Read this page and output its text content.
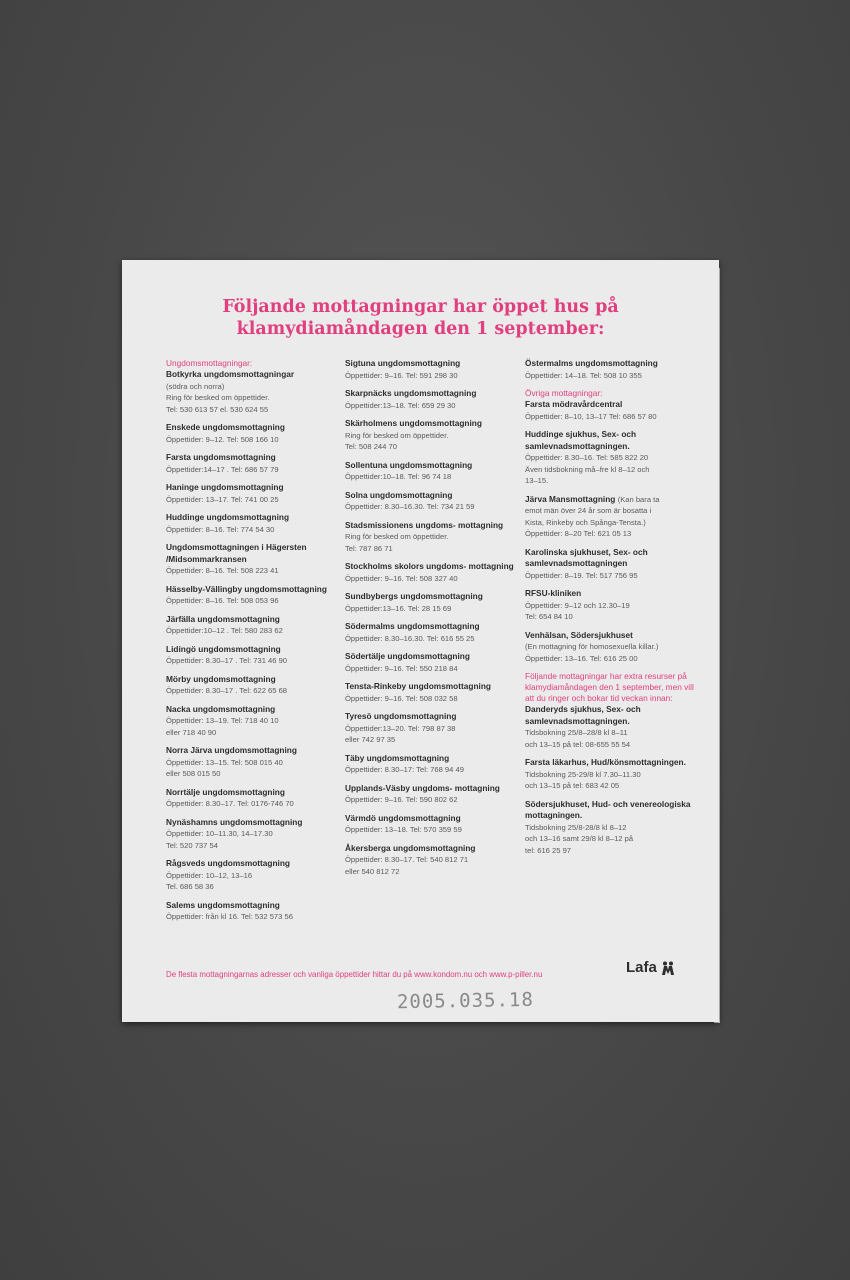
Följande mottagningar har öppet hus på
klamydiamåndagen den 1 september:
Ungdomsmottagningar:
Botkyrka ungdomsmottagningar
(södra och norra)
Ring för besked om öppettider.
Tel: 530 613 57 el. 530 624 55
Enskede ungdomsmottagning
Öppettider: 9–12. Tel: 508 166 10
Farsta ungdomsmottagning
Öppettider:14–17 . Tel: 686 57 79
Haninge ungdomsmottagning
Öppettider: 13–17. Tel: 741 00 25
Huddinge ungdomsmottagning
Öppettider: 8–16. Tel: 774 54 30
Ungdomsmottagningen i Hägersten /Midsommarkransen
Öppettider: 8–16. Tel: 508 223 41
Hässelby-Vällingby ungdomsmottagning
Öppettider: 8–16. Tel: 508 053 96
Järfälla ungdomsmottagning
Öppettider:10–12 . Tel: 580 283 62
Lidingö ungdomsmottagning
Öppettider: 8.30–17 . Tel: 731 46 90
Mörby ungdomsmottagning
Öppettider: 8.30–17 . Tel: 622 65 68
Nacka ungdomsmottagning
Öppettider: 13–19. Tel: 718 40 10
eller 718 40 90
Norra Järva ungdomsmottagning
Öppettider: 13–15. Tel: 508 015 40
eller 508 015 50
Norrtälje ungdomsmottagning
Öppettider: 8.30–17. Tel: 0176-746 70
Nynäshamns ungdomsmottagning
Öppettider: 10–11.30, 14–17.30
Tel: 520 737 54
Rågsveds ungdomsmottagning
Öppettider: 10–12, 13–16
Tel. 686 58 36
Salems ungdomsmottagning
Öppettider: från kl 16. Tel: 532 573 56
Sigtuna ungdomsmottagning
Öppettider: 9–16. Tel: 591 298 30
Skarpnäcks ungdomsmottagning
Öppettider:13–18. Tel: 659 29 30
Skärholmens ungdomsmottagning
Ring för besked om öppettider.
Tel: 508 244 70
Sollentuna ungdomsmottagning
Öppettider:10–18. Tel: 96 74 18
Solna ungdomsmottagning
Öppettider: 8.30–16.30. Tel: 734 21 59
Stadsmissionens ungdoms- mottagning
Ring för besked om öppettider.
Tel: 787 86 71
Stockholms skolors ungdoms- mottagning
Öppettider: 9–16. Tel: 508 327 40
Sundbybergs ungdomsmottagning
Öppettider:13–16. Tel: 28 15 69
Södermalms ungdomsmottagning
Öppettider: 8.30–16.30. Tel: 616 55 25
Södertälje ungdomsmottagning
Öppettider: 9–16. Tel: 550 218 84
Tensta-Rinkeby ungdomsmottagning
Öppettider: 9–16. Tel: 508 032 58
Tyresö ungdomsmottagning
Öppettider:13–20. Tel: 798 87 38
eller 742 97 35
Täby ungdomsmottagning
Öppettider: 8.30–17: Tel: 768 94 49
Upplands-Väsby ungdoms- mottagning
Öppettider: 9–16. Tel: 590 802 62
Värmdö ungdomsmottagning
Öppettider: 13–18. Tel: 570 359 59
Åkersberga ungdomsmottagning
Öppettider: 8.30–17. Tel: 540 812 71
eller 540 812 72
Östermalms ungdomsmottagning
Öppettider: 14–18. Tel: 508 10 355
Övriga mottagningar:
Farsta mödravårdcentral
Öppettider: 8–10, 13–17 Tel: 686 57 80
Huddinge sjukhus, Sex- och samlevnadsmottagningen.
Öppettider: 8.30–16. Tel: 585 822 20
Även tidsbokning må–fre kl 8–12 och
13–15.
Järva Mansmottagning (Kan bara ta
emot män över 24 år som är bosatta i
Kista, Rinkeby och Spånga-Tensta.)
Öppettider: 8–20 Tel: 621 05 13
Karolinska sjukhuset, Sex- och samlevnadsmottagningen
Öppettider: 8–19. Tel: 517 756 95
RFSU-kliniken
Öppettider: 9–12 och 12.30–19
Tel: 654 84 10
Venhälsan, Södersjukhuset
(En mottagning för homosexuella killar.)
Öppettider: 13–16. Tel: 616 25 00
Följande mottagningar har extra resurser på klamydiamåndagen den 1 september, men vill att du ringer och bokar tid veckan innan:
Danderyds sjukhus, Sex- och samlevnadsmottagningen.
Tidsbokning 25/8–28/8 kl 8–11
och 13–15 på tel: 08-655 55 54
Farsta läkarhus, Hud/könsmottagningen.
Tidsbokning 25-29/8 kl 7.30–11.30
och 13–15 på tel: 683 42 05
Södersjukhuset, Hud- och venereologiska mottagningen.
Tidsbokning 25/8-28/8 kl 8–12
och 13–16 samt 29/8 kl 8–12 på
tel: 616 25 97
De flesta mottagningarnas adresser och vanliga öppettider hittar du på www.kondom.nu och www.p-piller.nu	Lafa
2005.035.18
